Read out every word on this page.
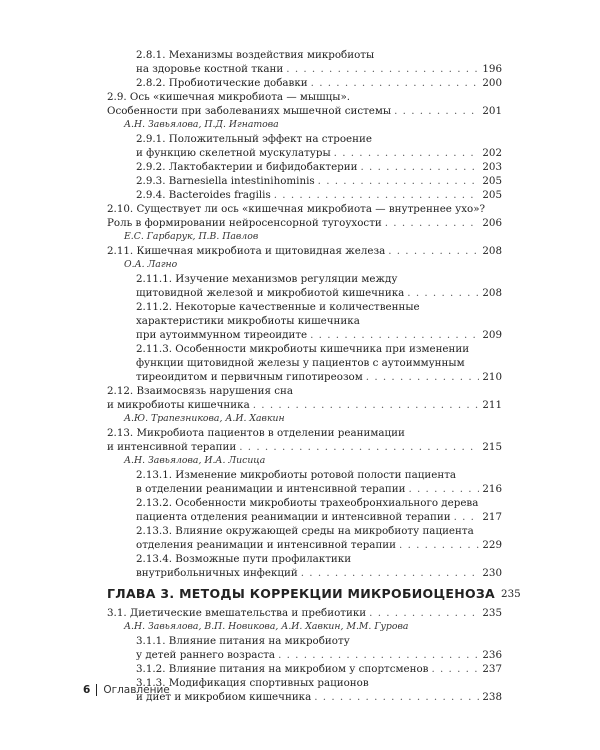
2.8.1. Механизмы воздействия микробиоты
на здоровье костной ткани . . .	196
2.8.2. Пробиотические добавки . . .	200
2.9. Ось «кишечная микробиота — мышцы».
Особенности при заболеваниях мышечной системы . . .	201
А.Н. Завьялова, П.Д. Игнатова
2.9.1. Положительный эффект на строение
и функцию скелетной мускулатуры . . .	202
2.9.2. Лактобактерии и бифидобактерии . . .	203
2.9.3. Barnesiella intestinihominis . . .	205
2.9.4. Bacteroides fragilis . . .	205
2.10. Существует ли ось «кишечная микробиота — внутреннее ухо»?
Роль в формировании нейросенсорной тугоухости . . .	206
Е.С. Гарбарук, П.В. Павлов
2.11. Кишечная микробиота и щитовидная железа . . .	208
О.А. Лагно
2.11.1. Изучение механизмов регуляции между
щитовидной железой и микробиотой кишечника . . .	208
2.11.2. Некоторые качественные и количественные
характеристики микробиоты кишечника
при аутоиммунном тиреоидите . . .	209
2.11.3. Особенности микробиоты кишечника при изменении
функции щитовидной железы у пациентов с аутоиммунным
тиреоидитом и первичным гипотиреозом . . .	210
2.12. Взаимосвязь нарушения сна
и микробиоты кишечника . . .	211
А.Ю. Трапезникова, А.И. Хавкин
2.13. Микробиота пациентов в отделении реанимации
и интенсивной терапии . . .	215
А.Н. Завьялова, И.А. Лисица
2.13.1. Изменение микробиоты ротовой полости пациента
в отделении реанимации и интенсивной терапии . . .	216
2.13.2. Особенности микробиоты трахеобронхиального дерева
пациента отделения реанимации и интенсивной терапии . . .	217
2.13.3. Влияние окружающей среды на микробиоту пациента
отделения реанимации и интенсивной терапии . . .	229
2.13.4. Возможные пути профилактики
внутрибольничных инфекций . . .	230
ГЛАВА 3. МЕТОДЫ КОРРЕКЦИИ МИКРОБИОЦЕНОЗА 235
3.1. Диетические вмешательства и пребиотики . . .	235
А.Н. Завьялова, В.П. Новикова, А.И. Хавкин, М.М. Гурова
3.1.1. Влияние питания на микробиоту
у детей раннего возраста . . .	236
3.1.2. Влияние питания на микробиом у спортсменов . . .	237
3.1.3. Модификация спортивных рационов
и диет и микробиом кишечника . . .	238
6	Оглавление
